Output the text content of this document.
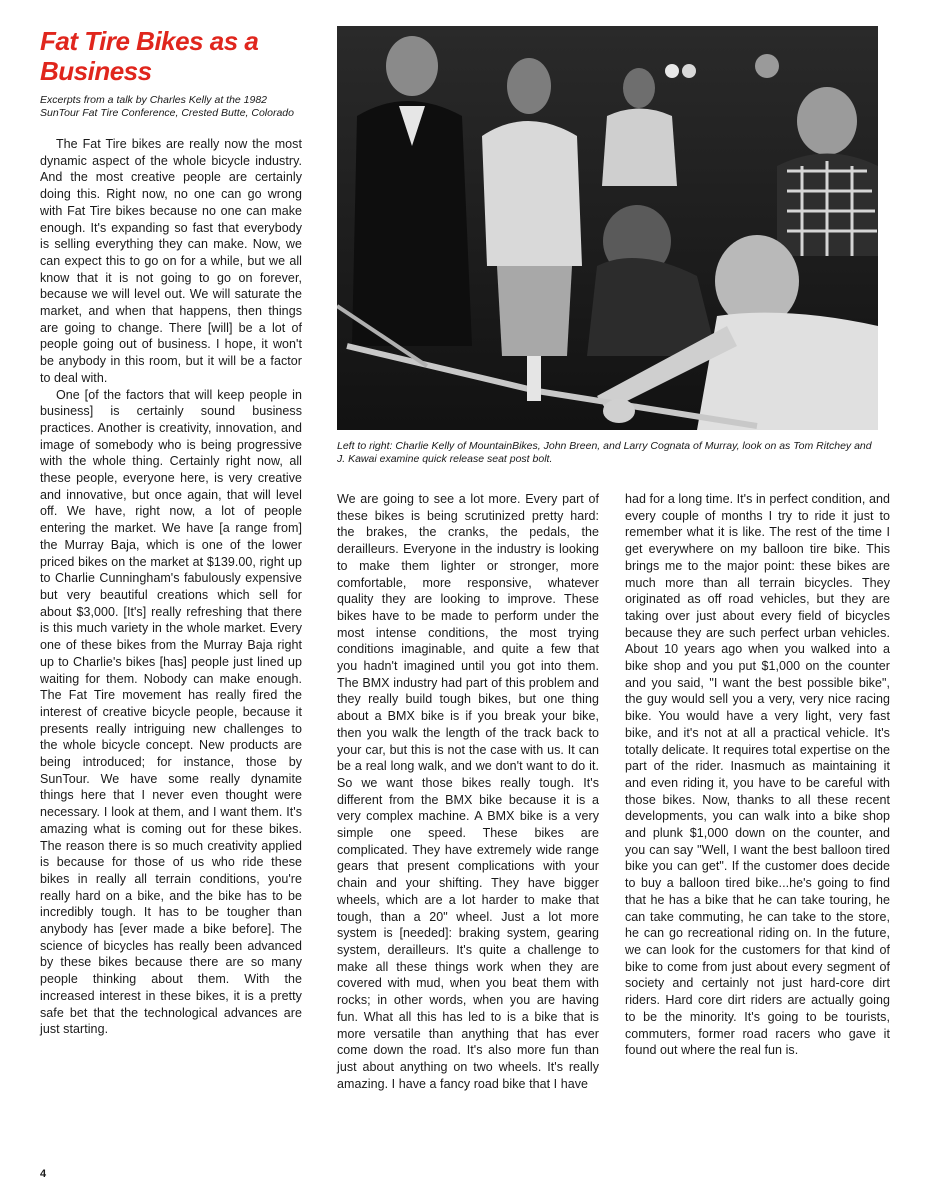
Fat Tire Bikes as a Business

Excerpts from a talk by Charles Kelly at the 1982 SunTour Fat Tire Conference, Crested Butte, Colorado

The Fat Tire bikes are really now the most dynamic aspect of the whole bicycle industry. And the most creative people are certainly doing this. Right now, no one can go wrong with Fat Tire bikes because no one can make enough. It's expanding so fast that everybody is selling everything they can make. Now, we can expect this to go on for a while, but we all know that it is not going to go on forever, because we will level out. We will saturate the market, and when that happens, then things are going to change. There [will] be a lot of people going out of business. I hope, it won't be anybody in this room, but it will be a factor to deal with.

One [of the factors that will keep people in business] is certainly sound business practices. Another is creativity, innovation, and image of somebody who is being progressive with the whole thing. Certainly right now, all these people, everyone here, is very creative and innovative, but once again, that will level off. We have, right now, a lot of people entering the market. We have [a range from] the Murray Baja, which is one of the lower priced bikes on the market at $139.00, right up to Charlie Cunningham's fabulously expensive but very beautiful creations which sell for about $3,000. [It's] really refreshing that there is this much variety in the whole market. Every one of these bikes from the Murray Baja right up to Charlie's bikes [has] people just lined up waiting for them. Nobody can make enough. The Fat Tire movement has really fired the interest of creative bicycle people, because it presents really intriguing new challenges to the whole bicycle concept. New products are being introduced; for instance, those by SunTour. We have some really dynamite things here that I never even thought were necessary. I look at them, and I want them. It's amazing what is coming out for these bikes. The reason there is so much creativity applied is because for those of us who ride these bikes in really all terrain conditions, you're really hard on a bike, and the bike has to be incredibly tough. It has to be tougher than anybody has [ever made a bike before]. The science of bicycles has really been advanced by these bikes because there are so many people thinking about them. With the increased interest in these bikes, it is a pretty safe bet that the technological advances are just starting.

Left to right: Charlie Kelly of MountainBikes, John Breen, and Larry Cognata of Murray, look on as Tom Ritchey and J. Kawai examine quick release seat post bolt.

We are going to see a lot more. Every part of these bikes is being scrutinized pretty hard: the brakes, the cranks, the pedals, the derailleurs. Everyone in the industry is looking to make them lighter or stronger, more comfortable, more responsive, whatever quality they are looking to improve. These bikes have to be made to perform under the most intense conditions, the most trying conditions imaginable, and quite a few that you hadn't imagined until you got into them. The BMX industry had part of this problem and they really build tough bikes, but one thing about a BMX bike is if you break your bike, then you walk the length of the track back to your car, but this is not the case with us. It can be a real long walk, and we don't want to do it. So we want those bikes really tough. It's different from the BMX bike because it is a very complex machine. A BMX bike is a very simple one speed. These bikes are complicated. They have extremely wide range gears that present complications with your chain and your shifting. They have bigger wheels, which are a lot harder to make that tough, than a 20" wheel. Just a lot more system is [needed]: braking system, gearing system, derailleurs. It's quite a challenge to make all these things work when they are covered with mud, when you beat them with rocks; in other words, when you are having fun. What all this has led to is a bike that is more versatile than anything that has ever come down the road. It's also more fun than just about anything on two wheels. It's really amazing. I have a fancy road bike that I have

had for a long time. It's in perfect condition, and every couple of months I try to ride it just to remember what it is like. The rest of the time I get everywhere on my balloon tire bike. This brings me to the major point: these bikes are much more than all terrain bicycles. They originated as off road vehicles, but they are taking over just about every field of bicycles because they are such perfect urban vehicles. About 10 years ago when you walked into a bike shop and you put $1,000 on the counter and you said, "I want the best possible bike", the guy would sell you a very, very nice racing bike. You would have a very light, very fast bike, and it's not at all a practical vehicle. It's totally delicate. It requires total expertise on the part of the rider. Inasmuch as maintaining it and even riding it, you have to be careful with those bikes. Now, thanks to all these recent developments, you can walk into a bike shop and plunk $1,000 down on the counter, and you can say "Well, I want the best balloon tired bike you can get". If the customer does decide to buy a balloon tired bike...he's going to find that he has a bike that he can take touring, he can take commuting, he can take to the store, he can go recreational riding on. In the future, we can look for the customers for that kind of bike to come from just about every segment of society and certainly not just hard-core dirt riders. Hard core dirt riders are actually going to be the minority. It's going to be tourists, commuters, former road racers who gave it found out where the real fun is.

4
